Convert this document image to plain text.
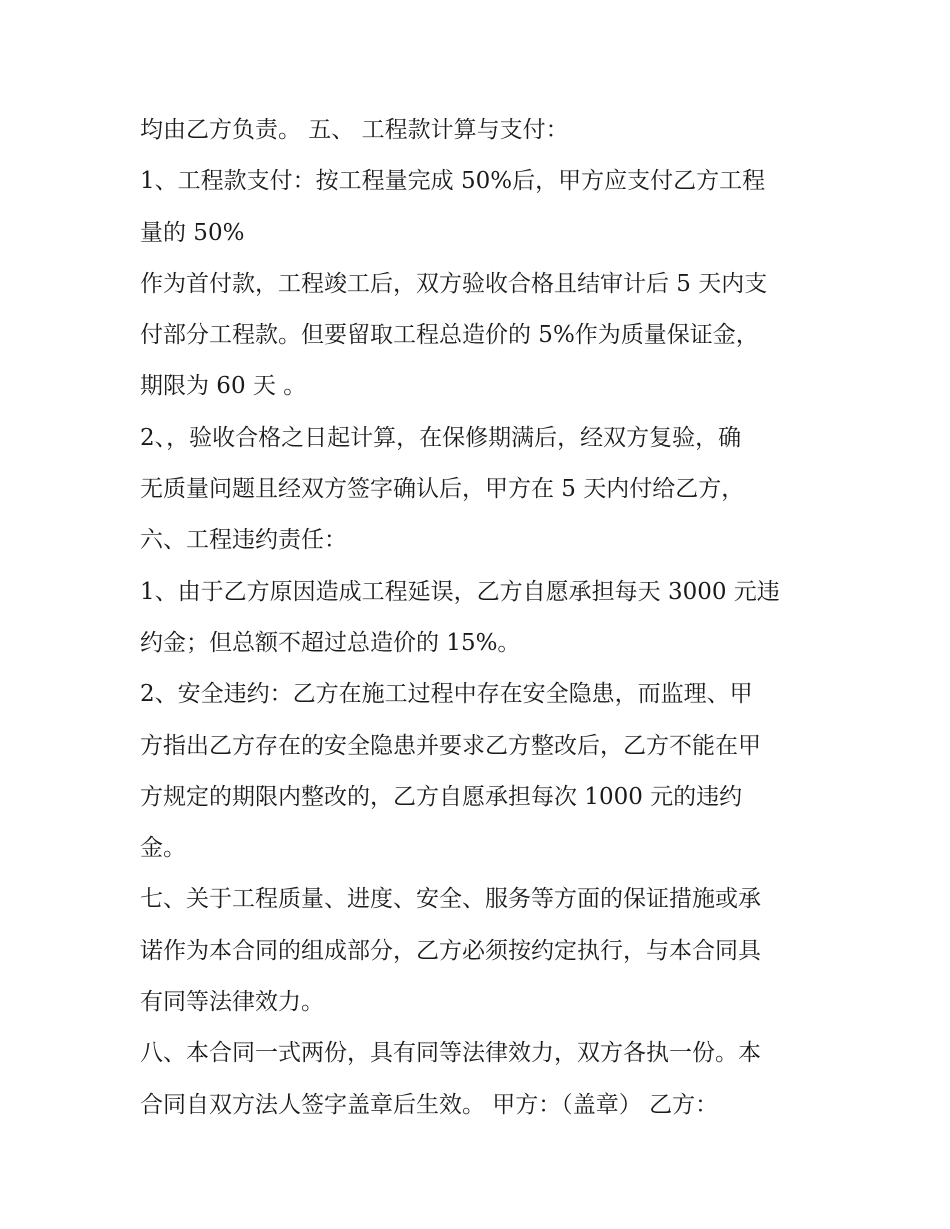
均由乙方负责。 五、 工程款计算与支付：
1、工程款支付：按工程量完成 50%后，甲方应支付乙方工程
量的 50%
作为首付款，工程竣工后，双方验收合格且结审计后 5 天内支
付部分工程款。但要留取工程总造价的 5%作为质量保证金，
期限为 60 天 。
2、，验收合格之日起计算，在保修期满后，经双方复验，确
无质量问题且经双方签字确认后，甲方在 5 天内付给乙方，
六、工程违约责任：
1、由于乙方原因造成工程延误，乙方自愿承担每天 3000 元违
约金；但总额不超过总造价的 15%。
2、安全违约：乙方在施工过程中存在安全隐患，而监理、甲
方指出乙方存在的安全隐患并要求乙方整改后，乙方不能在甲
方规定的期限内整改的，乙方自愿承担每次 1000 元的违约
金。
七、关于工程质量、进度、安全、服务等方面的保证措施或承
诺作为本合同的组成部分，乙方必须按约定执行，与本合同具
有同等法律效力。
八、本合同一式两份，具有同等法律效力，双方各执一份。本
合同自双方法人签字盖章后生效。 甲方：（盖章） 乙方：
